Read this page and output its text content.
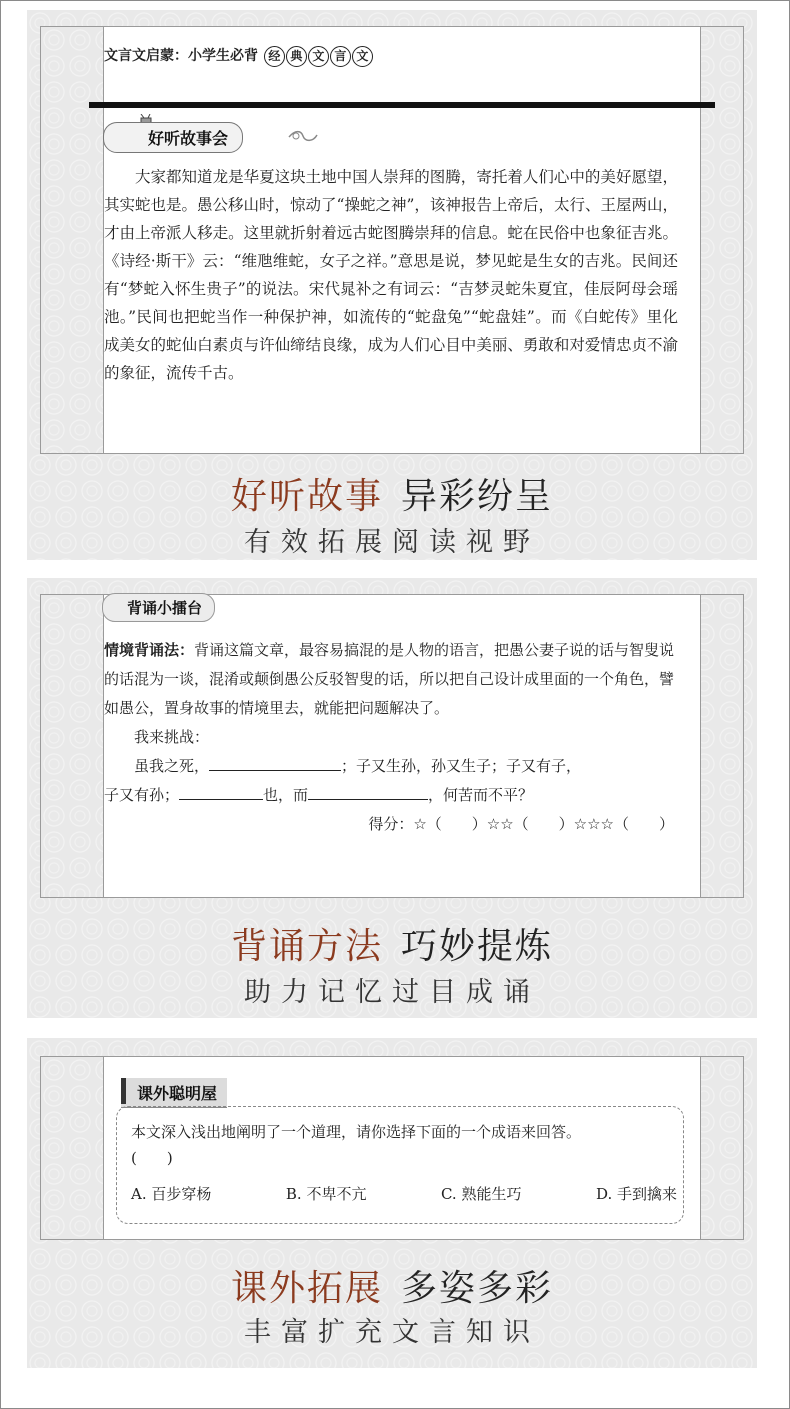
文言文启蒙：小学生必背 经 典 文 言 文
好听故事会

大家都知道龙是华夏这块土地中国人崇拜的图腾，寄托着人们心中的美好愿望，其实蛇也是。愚公移山时，惊动了“操蛇之神”，该神报告上帝后，太行、王屋两山，才由上帝派人移走。这里就折射着远古蛇图腾崇拜的信息。蛇在民俗中也象征吉兆。《诗经·斯干》云：“维虺维蛇，女子之祥。”意思是说，梦见蛇是生女的吉兆。民间还有“梦蛇入怀生贵子”的说法。宋代晁补之有词云：“吉梦灵蛇朱夏宜，佳辰阿母会瑶池。”民间也把蛇当作一种保护神，如流传的“蛇盘兔”“蛇盘娃”。而《白蛇传》里化成美女的蛇仙白素贞与许仙缔结良缘，成为人们心目中美丽、勇敢和对爱情忠贞不渝的象征，流传千古。

好听故事 异彩纷呈
有效拓展阅读视野
背诵小擂台
情境背诵法：背诵这篇文章，最容易搞混的是人物的语言，把愚公妻子说的话与智叟说的话混为一谈，混淆或颠倒愚公反驳智叟的话，所以把自己设计成里面的一个角色，譬如愚公，置身故事的情境里去，就能把问题解决了。
我来挑战：
虽我之死，	；子又生孙，孙又生子；子又有子，
子又有孙；	也，而	，何苦而不平？
得分：☆（　　）☆☆（　　）☆☆☆（　　）
背诵方法 巧妙提炼
助力记忆过目成诵
课外聪明屋
本文深入浅出地阐明了一个道理，请你选择下面的一个成语来回答。
(　　)
A. 百步穿杨	B. 不卑不亢	C. 熟能生巧	D. 手到擒来
课外拓展 多姿多彩
丰富扩充文言知识
